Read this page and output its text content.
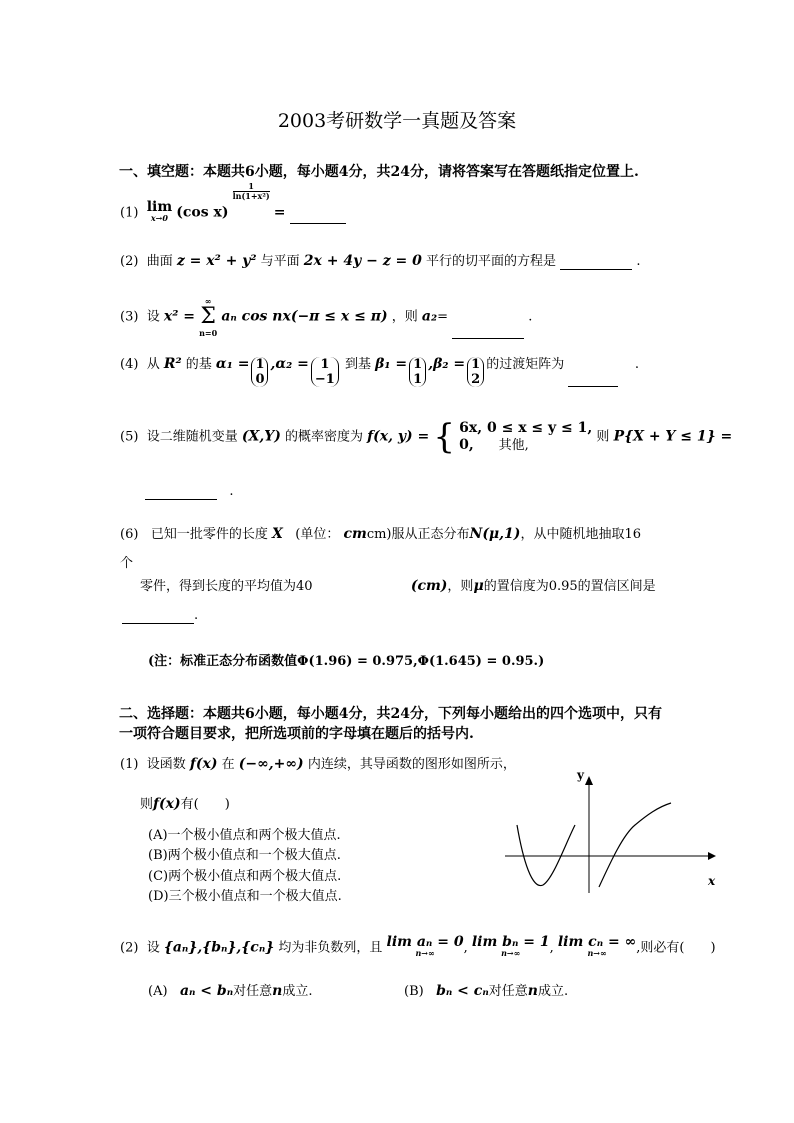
2003考研数学一真题及答案
一、填空题：本题共6小题，每小题4分，共24分，请将答案写在答题纸指定位置上.
(1) lim
x→0 (cos x)
$\frac{1}{\text{ln(1+x²)}}$
=
(2) 曲面 z = x² + y² 与平面 2x + 4y − z = 0 平行的切平面的方程是	.
(3) 设 x² =
∞
Σ
n=0
aₙ cos nx(−π ≤ x ≤ π) ，则 a₂=	.
(4) 从 R² 的基 α₁ = 1
0
,α₂ = 1
−1
到基 β₁ = 1
1
,β₂ = 1
2
的过渡矩阵为	.
(5) 设二维随机变量 (X,Y) 的概率密度为 f(x, y) = { 6x, 0 ≤ x ≤ y ≤ 1,
0, 其他,
则 P{X + Y ≤ 1} =
.
(6) 已知一批零件的长度 X (单位： cmcm)服从正态分布N(μ,1)，从中随机地抽取16
个
零件，得到长度的平均值为40	(cm)，则μ的置信度为0.95的置信区间是
.
(注：标准正态分布函数值Φ(1.96) = 0.975,Φ(1.645) = 0.95.)
二、选择题：本题共6小题，每小题4分，共24分，下列每小题给出的四个选项中，只有
一项符合题目要求，把所选项前的字母填在题后的括号内.
(1) 设函数 f(x) 在 (−∞,+∞) 内连续，其导函数的图形如图所示，
则f(x)有(　　)
(A)一个极小值点和两个极大值点.
(B)两个极小值点和一个极大值点.
(C)两个极小值点和两个极大值点.
(D)三个极小值点和一个极大值点.
y
x
(2) 设 {aₙ},{bₙ},{cₙ} 均为非负数列，且 lim aₙ = 0
n→∞ , lim bₙ = 1
n→∞ , lim cₙ = ∞
n→∞ ,则必有(　　)
(A) aₙ < bₙ对任意n成立.	(B) bₙ < cₙ对任意n成立.
